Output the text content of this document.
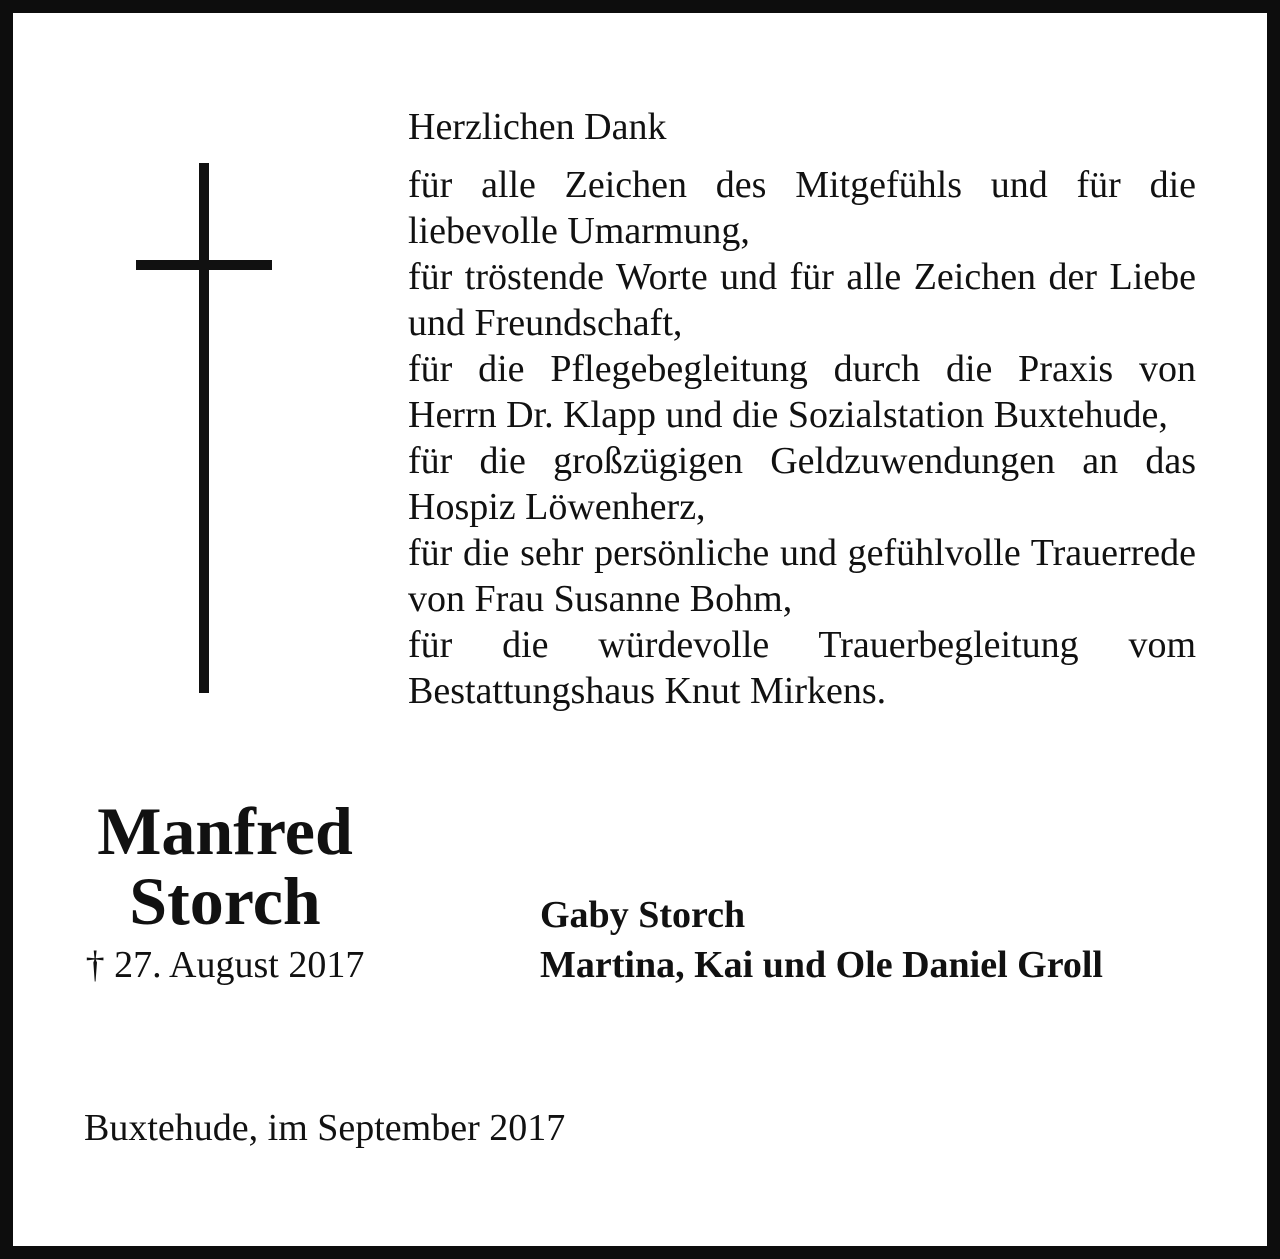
Herzlichen Dank
für alle Zeichen des Mitgefühls und für die liebevolle Umarmung,
für tröstende Worte und für alle Zeichen der Liebe und Freundschaft,
für die Pflegebegleitung durch die Praxis von Herrn Dr. Klapp und die Sozialstation Buxtehude,
für die großzügigen Geldzuwendungen an das Hospiz Löwenherz,
für die sehr persönliche und gefühlvolle Trauerrede von Frau Susanne Bohm,
für die würdevolle Trauerbegleitung vom Bestattungshaus Knut Mirkens.
Manfred
Storch
† 27. August 2017
Gaby Storch
Martina, Kai und Ole Daniel Groll
Buxtehude, im September 2017
